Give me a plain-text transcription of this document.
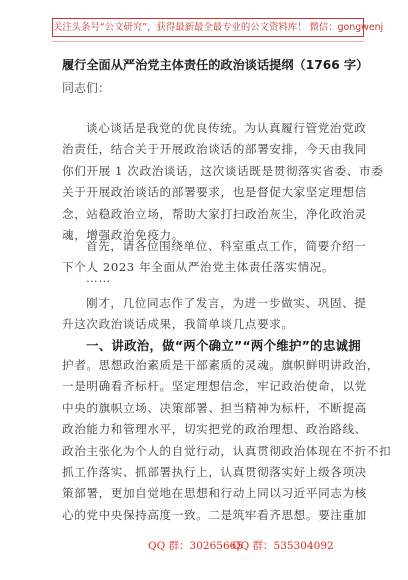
关注头条号“公文研究”，获得最新最全最专业的公文资料库！ 微信：gongwenj
履行全面从严治党主体责任的政治谈话提纲（1766 字）
同志们：
谈心谈话是我党的优良传统。为认真履行管党治党政
治责任，结合关于开展政治谈话的部署安排，今天由我同
你们开展 1 次政治谈话，这次谈话既是贯彻落实省委、市委
关于开展政治谈话的部署要求，也是督促大家坚定理想信
念，站稳政治立场，帮助大家打扫政治灰尘，净化政治灵
魂，增强政治免疫力。
首先，请各位围绕单位、科室重点工作，简要介绍一
下个人 2023 年全面从严治党主体责任落实情况。
……
刚才，几位同志作了发言，为进一步做实、巩固、提
升这次政治谈话成果，我简单谈几点要求。
一、讲政治，做“两个确立”“两个维护”的忠诚拥
护者。思想政治素质是干部素质的灵魂。旗帜鲜明讲政治，
一是明确看齐标杆。坚定理想信念，牢记政治使命，以党
中央的旗帜立场、决策部署、担当精神为标杆，不断提高
政治能力和管理水平，切实把党的政治理想、政治路线、
政治主张化为个人的自觉行动，认真贯彻政治体现在不折不扣
抓工作落实、抓部署执行上，认真贯彻落实好上级各项决
策部署，更加自觉地在思想和行动上同以习近平同志为核
心的党中央保持高度一致。二是筑牢看齐思想。要注重加
QQ 群：30265665
QQ 群：535304092
